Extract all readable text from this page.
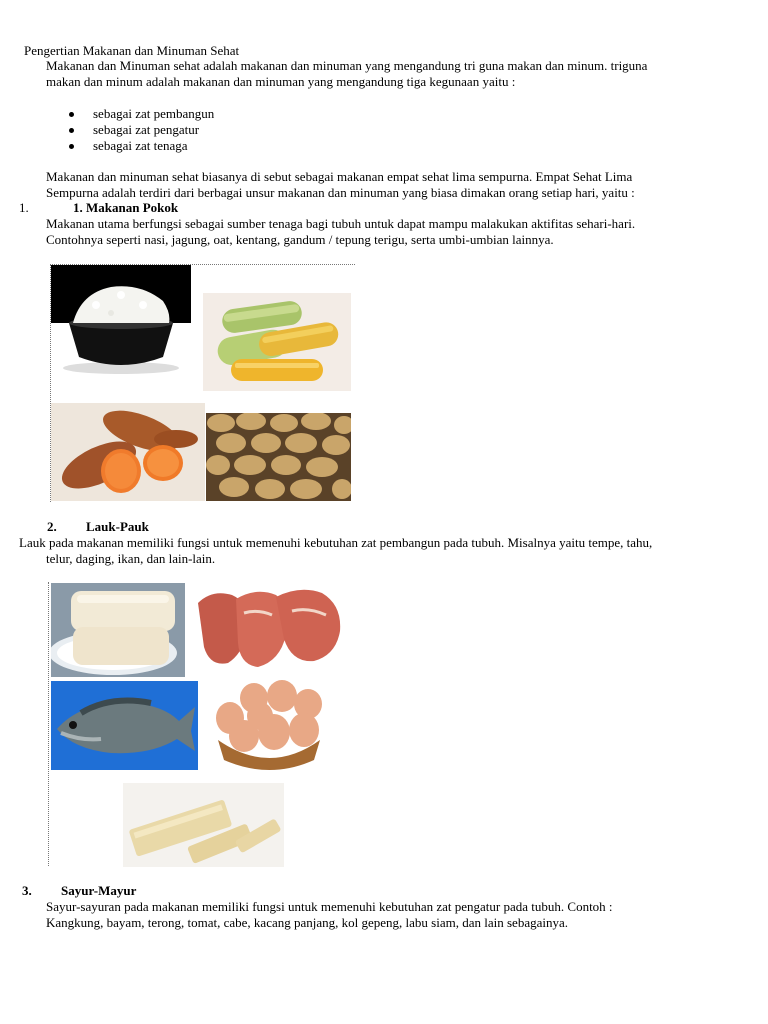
Pengertian Makanan dan Minuman Sehat
Makanan dan Minuman sehat adalah makanan dan minuman yang mengandung tri guna makan dan minum. triguna
makan dan minum adalah makanan dan minuman yang mengandung tiga kegunaan yaitu :
sebagai zat pembangun
sebagai zat pengatur
sebagai zat tenaga
Makanan dan minuman sehat biasanya di sebut sebagai makanan empat sehat lima sempurna. Empat Sehat Lima
Sempurna adalah terdiri dari berbagai unsur makanan dan minuman yang biasa dimakan orang setiap hari, yaitu :
1.	1. Makanan Pokok
Makanan utama berfungsi sebagai sumber tenaga bagi tubuh untuk dapat mampu malakukan aktifitas sehari-hari.
Contohnya seperti nasi, jagung, oat, kentang, gandum / tepung terigu, serta umbi-umbian lainnya.
2. Lauk-Pauk
Lauk pada makanan memiliki fungsi untuk memenuhi kebutuhan zat pembangun pada tubuh. Misalnya yaitu tempe, tahu,
telur, daging, ikan, dan lain-lain.
3. Sayur-Mayur
Sayur-sayuran pada makanan memiliki fungsi untuk memenuhi kebutuhan zat pengatur pada tubuh. Contoh :
Kangkung, bayam, terong, tomat, cabe, kacang panjang, kol gepeng, labu siam, dan lain sebagainya.
